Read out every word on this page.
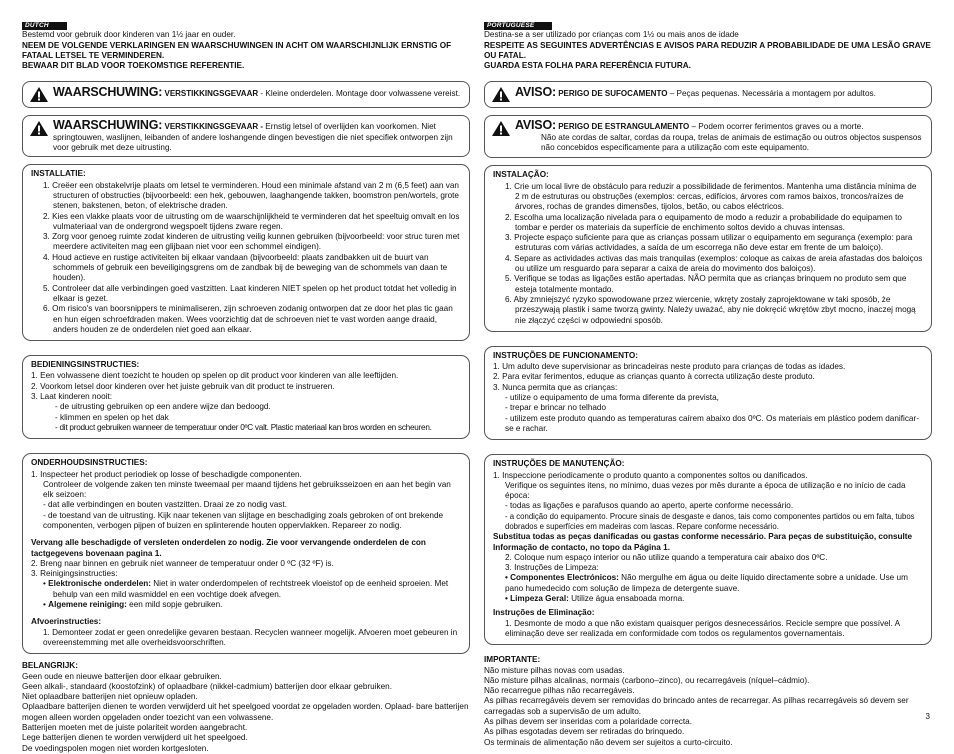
DUTCH

Bestemd voor gebruik door kinderen van 1½ jaar en ouder.

NEEM DE VOLGENDE VERKLARINGEN EN WAARSCHUWINGEN IN ACHT OM WAARSCHIJNLIJK ERNSTIG OF FATAAL LETSEL TE VERMINDEREN.

BEWAAR DIT BLAD VOOR TOEKOMSTIGE REFERENTIE.

WAARSCHUWING: VERSTIKKINGSGEVAAR - Kleine onderdelen. Montage door volwassene vereist.
WAARSCHUWING: VERSTIKKINGSGEVAAR - Ernstig letsel of overlijden kan voorkomen. Niet springtouwen, waslijnen, leibanden of andere loshangende dingen bevestigen die niet specifiek ontworpen zijn voor gebruik met deze uitrusting.
INSTALLATIE:

1. Creëer een obstakelvrije plaats om letsel te verminderen. Houd een minimale afstand van 2 m (6,5 feet) aan van structuren of obstructies (bijvoorbeeld: een hek, gebouwen, laaghangende takken, boomstron pen/wortels, grote stenen, bakstenen, beton, of elektrische draden.

2. Kies een vlakke plaats voor de uitrusting om de waarschijnlijkheid te verminderen dat het speeltuig omvalt en los vulmateriaal van de ondergrond wegspoelt tijdens zware regen.

3. Zorg voor genoeg ruimte zodat kinderen de uitrusting veilig kunnen gebruiken (bijvoorbeeld: voor struc turen met meerdere activiteiten mag een glijbaan niet voor een schommel eindigen).

4. Houd actieve en rustige activiteiten bij elkaar vandaan (bijvoorbeeld: plaats zandbakken uit de buurt van schommels of gebruik een beveiligingsgrens om de zandbak bij de beweging van de schommels van daan te houden).

5. Controleer dat alle verbindingen goed vastzitten. Laat kinderen NIET spelen op het product totdat het volledig in elkaar is gezet.

6. Om risico's van boorsnippers te minimaliseren, zijn schroeven zodanig ontworpen dat ze door het plas tic gaan en hun eigen schroefdraden maken. Wees voorzichtig dat de schroeven niet te vast worden aange draaid, anders houden ze de onderdelen niet goed aan elkaar.

BEDIENINGSINSTRUCTIES:

1. Een volwassene dient toezicht te houden op spelen op dit product voor kinderen van alle leeftijden.

2. Voorkom letsel door kinderen over het juiste gebruik van dit product te instrueren.

3. Laat kinderen nooit:

- de uitrusting gebruiken op een andere wijze dan bedoogd.

- klimmen en spelen op het dak

- dit product gebruiken wanneer de temperatuur onder 0ºC valt. Plastic materiaal kan bros worden en scheuren.

ONDERHOUDSINSTRUCTIES:

1. Inspecteer het product periodiek op losse of beschadigde componenten.

Controleer de volgende zaken ten minste tweemaal per maand tijdens het gebruiksseizoen en aan het begin van elk seizoen:

- dat alle verbindingen en bouten vastzitten. Draai ze zo nodig vast.

- de toestand van de uitrusting. Kijk naar tekenen van slijtage en beschadiging zoals gebroken of ont brekende componenten, verbogen pijpen of buizen en splinterende houten oppervlakken. Repareer zo nodig.

Vervang alle beschadigde of versleten onderdelen zo nodig. Zie voor vervangende onderdelen de con tactgegevens bovenaan pagina 1.

2. Breng naar binnen en gebruik niet wanneer de temperatuur onder 0 ºC (32 ºF) is.

3. Reinigingsinstructies:

• Elektronische onderdelen: Niet in water onderdompelen of rechtstreek vloeistof op de eenheid sproeien. Met behulp van een mild wasmiddel en een vochtige doek afvegen.

• Algemene reiniging: een mild sopje gebruiken.

Afvoerinstructies:

1. Demonteer zodat er geen onredelijke gevaren bestaan. Recyclen wanneer mogelijk. Afvoeren moet gebeuren in overeenstemming met alle overheidsvoorschriften.

BELANGRIJK:

Geen oude en nieuwe batterijen door elkaar gebruiken.

Geen alkali-, standaard (koostofzink) of oplaadbare (nikkel-cadmium) batterijen door elkaar gebruiken.

Niet oplaadbare batterijen niet opnieuw opladen.

Oplaadbare batterijen dienen te worden verwijderd uit het speelgoed voordat ze opgeladen worden. Oplaad- bare batterijen mogen alleen worden opgeladen onder toezicht van een volwassene.

Batterijen moeten met de juiste polariteit worden aangebracht.

Lege batterijen dienen te worden verwijderd uit het speelgoed.

De voedingspolen mogen niet worden kortgesloten.

PORTUGUESE

Destina-se a ser utilizado por crianças com 1½ ou mais anos de idade

RESPEITE AS SEGUINTES ADVERTÊNCIAS E AVISOS PARA REDUZIR A PROBABILIDADE DE UMA LESÃO GRAVE OU FATAL.

GUARDA ESTA FOLHA PARA REFERÊNCIA FUTURA.

AVISO: PERIGO DE SUFOCAMENTO – Peças pequenas. Necessária a montagem por adultos.
AVISO: PERIGO DE ESTRANGULAMENTO – Podem ocorrer ferimentos graves ou a morte.

Não ate cordas de saltar, cordas da roupa, trelas de animais de estimação ou outros objectos suspensos não concebidos especificamente para a utilização com este equipamento.

INSTALAÇÃO:

1. Crie um local livre de obstáculo para reduzir a possibilidade de ferimentos. Mantenha uma distância mínima de 2 m de estruturas ou obstruções (exemplos: cercas, edifícios, árvores com ramos baixos, troncos/raízes de árvores, rochas de grandes dimensões, tijolos, betão, ou cabos eléctricos.

2. Escolha uma localização nivelada para o equipamento de modo a reduzir a probabilidade do equipamen to tombar e perder os materiais da superfície de enchimento soltos devido a chuvas intensas.

3. Projecte espaço suficiente para que as crianças possam utilizar o equipamento em segurança (exemplo: para estruturas com várias actividades, a saída de um escorrega não deve estar em frente de um baloiço).

4. Separe as actividades activas das mais tranquilas (exemplos: coloque as caixas de areia afastadas dos baloiços ou utilize um resguardo para separar a caixa de areia do movimento dos baloiços).

5. Verifique se todas as ligações estão apertadas. NÃO permita que as crianças brinquem no produto sem que esteja totalmente montado.

6. Aby zmniejszyć ryzyko spowodowane przez wiercenie, wkręty zostały zaprojektowane w taki sposób, że przeszywają plastik i same tworzą gwinty. Należy uważać, aby nie dokręcić wkrętów zbyt mocno, inaczej mogą nie złączyć części w odpowiedni sposób.

INSTRUÇÕES DE FUNCIONAMENTO:

1. Um adulto deve supervisionar as brincadeiras neste produto para crianças de todas as idades.

2. Para evitar ferimentos, eduque as crianças quanto à correcta utilização deste produto.

3. Nunca permita que as crianças:

- utilize o equipamento de uma forma diferente da prevista,

- trepar e brincar no telhado

- utilizem este produto quando as temperaturas caírem abaixo dos 0ºC. Os materiais em plástico podem danificar-se e rachar.

INSTRUÇÕES DE MANUTENÇÃO:

1. Inspeccione periodicamente o produto quanto a componentes soltos ou danificados.

Verifique os seguintes itens, no mínimo, duas vezes por mês durante a época de utilização e no início de cada época:

- todas as ligações e parafusos quando ao aperto, aperte conforme necessário.

- a condição do equipamento. Procure sinais de desgaste e danos, tais como componentes partidos ou em falta, tubos dobrados e superfícies em madeiras com lascas. Repare conforme necessário.

Substitua todas as peças danificadas ou gastas conforme necessário. Para peças de substituição, consulte Informação de contacto, no topo da Página 1.

2. Coloque num espaço interior ou não utilize quando a temperatura cair abaixo dos 0ºC.

3. Instruções de Limpeza:

• Componentes Electrónicos: Não mergulhe em água ou deite líquido directamente sobre a unidade. Use um pano humedecido com solução de limpeza de detergente suave.

• Limpeza Geral: Utilize água ensaboada morna.

Instruções de Eliminação:

1. Desmonte de modo a que não existam quaisquer perigos desnecessários. Recicle sempre que possível. A eliminação deve ser realizada em conformidade com todos os regulamentos governamentais.

IMPORTANTE:

Não misture pilhas novas com usadas.

Não misture pilhas alcalinas, normais (carbono–zinco), ou recarregáveis (níquel–cádmio).

Não recarregue pilhas não recarregáveis.

As pilhas recarregáveis devem ser removidas do brincado antes de recarregar. As pilhas recarregáveis só devem ser carregadas sob a supervisão de um adulto.

As pilhas devem ser inseridas com a polaridade correcta.

As pilhas esgotadas devem ser retiradas do brinquedo.

Os terminais de alimentação não devem ser sujeitos a curto-circuito.

3
